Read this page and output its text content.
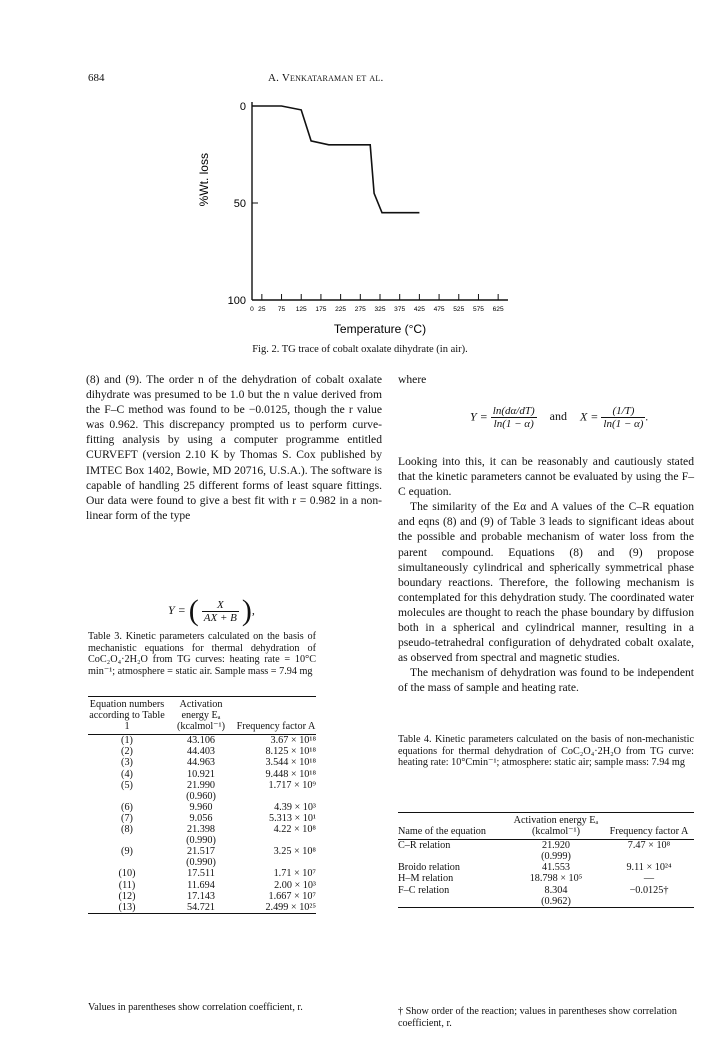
684	A. Venkataraman et al.
0
50
100
0 25 75 125 175 225 275 325 375 425 475 525 575 625
%Wt. loss
Temperature (°C)
Fig. 2. TG trace of cobalt oxalate dihydrate (in air).

(8) and (9). The order n of the dehydration of cobalt oxalate dihydrate was presumed to be 1.0 but the n value derived from the F–C method was found to be −0.0125, though the r value was 0.962. This discrepancy prompted us to perform curve-fitting analysis by using a computer programme entitled CURVEFT (version 2.10 K by Thomas S. Cox published by IMTEC Box 1402, Bowie, MD 20716, U.S.A.). The software is capable of handling 25 different forms of least square fittings. Our data were found to give a best fit with r = 0.982 in a non-linear form of the type

Y = ( $\frac{X}{AX + B}$ ),
Table 3. Kinetic parameters calculated on the basis of mechanistic equations for thermal dehydration of CoC₂O₄·2H₂O from TG curves: heating rate = 10°C min⁻¹; atmosphere = static air. Sample mass = 7.94 mg
Equation numbers according to Table 1	Activation energy Eₐ (kcalmol⁻¹)	Frequency factor A
(1)	43.106	3.67 × 10¹⁸
(2)	44.403	8.125 × 10¹⁸
(3)	44.963	3.544 × 10¹⁸
(4)	10.921	9.448 × 10¹⁸
(5)	21.990	1.717 × 10⁹
	(0.960)	
(6)	9.960	4.39 × 10³
(7)	9.056	5.313 × 10¹
(8)	21.398	4.22 × 10⁸
	(0.990)	
(9)	21.517	3.25 × 10⁸
	(0.990)	
(10)	17.511	1.71 × 10⁷
(11)	11.694	2.00 × 10³
(12)	17.143	1.667 × 10⁷
(13)	54.721	2.499 × 10²⁵
Values in parentheses show correlation coefficient, r.
where
$Y = \frac{\ln(d\alpha/dT)}{\ln(1 - \alpha)}$ and $X = \frac{(1/T)}{\ln(1 - \alpha)}$ .

Looking into this, it can be reasonably and cautiously stated that the kinetic parameters cannot be evaluated by using the F–C equation.

The similarity of the Eα and A values of the C–R equation and eqns (8) and (9) of Table 3 leads to significant ideas about the possible and probable mechanism of water loss from the parent compound. Equations (8) and (9) propose simultaneously cylindrical and spherically symmetrical phase boundary reactions. Therefore, the following mechanism is contemplated for this dehydration study. The coordinated water molecules are thought to reach the phase boundary by diffusion both in a spherical and cylindrical manner, resulting in a pseudo-tetrahedral configuration of dehydrated cobalt oxalate, as observed from spectral and magnetic studies.

The mechanism of dehydration was found to be independent of the mass of sample and heating rate.

Table 4. Kinetic parameters calculated on the basis of non-mechanistic equations for thermal dehydration of CoC₂O₄·2H₂O from TG curve: heating rate: 10°Cmin⁻¹; atmosphere: static air; sample mass: 7.94 mg
Name of the equation	Activation energy Eₐ (kcalmol⁻¹)	Frequency factor A
C–R relation	21.920	7.47 × 10⁸
	(0.999)	
Broido relation	41.553	9.11 × 10²⁴
H–M relation	18.798 × 10⁵	—
F–C relation	8.304	−0.0125†
	(0.962)	
† Show order of the reaction; values in parentheses show correlation coefficient, r.
